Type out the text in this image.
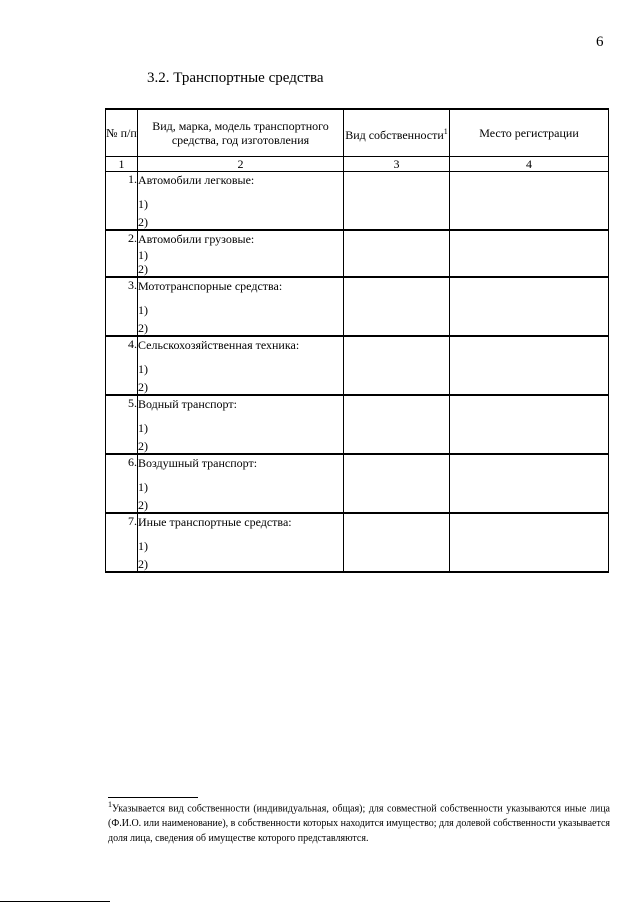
6
3.2. Транспортные средства
№ п/п	Вид, марка, модель транспортного средства, год изготовления	Вид собственности$^1$	Место регистрации
1	2	3	4
1.	Автомобили легковые:
1)
2)		

2.	Автомобили грузовые:
1)
2)		

3.	Мототранспорные средства:
1)
2)		

4.	Сельскохозяйственная техника:
1)
2)		

5.	Водный транспорт:
1)
2)		

6.	Воздушный транспорт:
1)
2)		

7.	Иные транспортные средства:
1)
2)		

$^1$Указывается вид собственности (индивидуальная, общая); для совместной собственности указываются иные лица (Ф.И.О. или наименование), в собственности которых находится имущество; для долевой собственности указывается доля лица, сведения об имуществе которого представляются.
